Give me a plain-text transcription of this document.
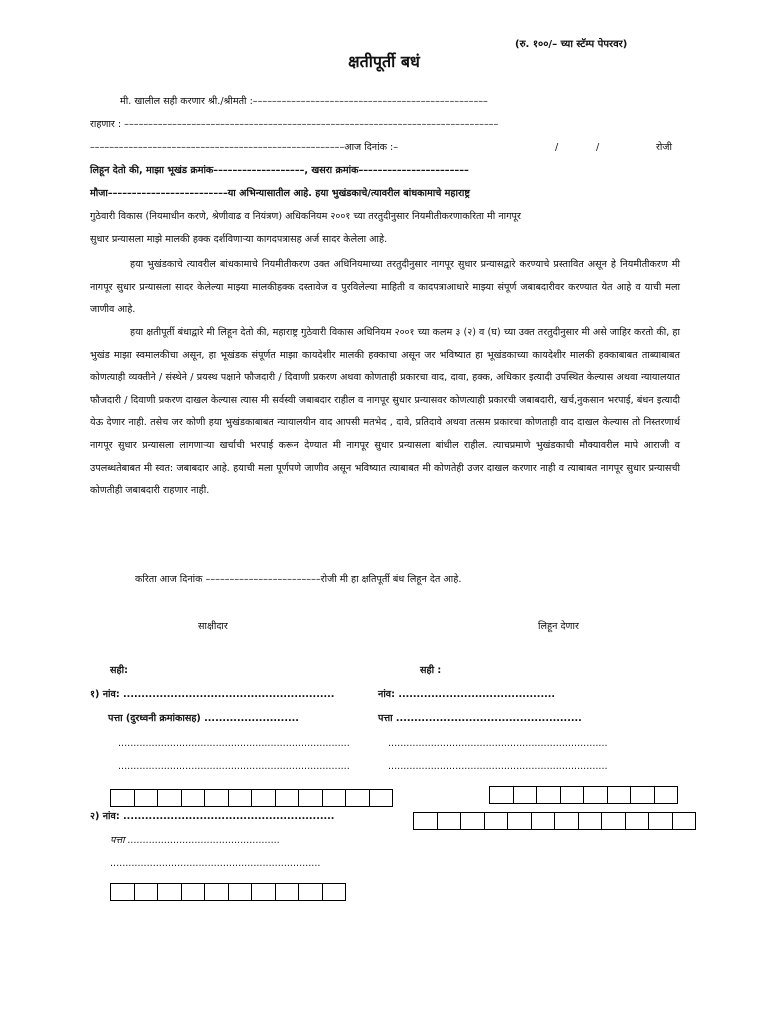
(रु. १००/– च्या स्टॅम्प पेपरवर)
क्षतीपूर्ती बधं
मी. खालील सही करणार श्री./श्रीमती :–––––––––––––––––––––––––––––––––––––––––––––––––
राहणार : ––––––––––––––––––––––––––––––––––––––––––––––––––––––––––––––––––––––––––––––
–––––––––––––––––––––––––––––––––––––––––––––––––––––आज दिनांक :–	/	/	रोजी
लिहून देतो की, माझा भूखंड क्रमांक–––––––––––––––––––, खसरा क्रमांक–––––––––––––––––––––––
मौजा–––––––––––––––––––––––––या अभिन्यासातील आहे. हया भुखंडकाचे/त्यावरील बांधकामाचे महाराष्ट्र
गुठेवारी विकास (नियमाधीन करणे, श्रेणीवाढ व नियंत्रण) अधिकनियम २००१ च्या तरतुदीनुसार नियमीतीकरणाकरिता मी नागपूर
सुधार प्रन्यासला माझे मालकी हक्क दर्शविणाऱ्या कागदपत्रासह अर्ज सादर केलेला आहे.
हया भुखंडकाचे त्यावरील बांधकामाचे नियमीतीकरण उक्त अधिनियमाच्या तरतुदीनुसार नागपूर सुधार प्रन्यासद्वारे करण्याचे प्रस्तावित असून हे नियमीतीकरण मी नागपूर सुधार प्रन्यासला सादर केलेल्या माझ्या मालकीहक्क दस्तावेज व पुरविलेल्या माहिती व कादपत्राआधारे माझ्या संपूर्ण जबाबदारीवर करण्यात येत आहे व याची मला जाणीव आहे.
हया क्षतीपूर्ती बंधाद्वारे मी लिहून देतो की, महाराष्ट्र गुठेवारी विकास अधिनियम २००१ च्या कलम ३ (२) व (घ) च्या उक्त तरतुदीनुसार मी असे जाहिर करतो की, हा भुखंड माझा स्वमालकीचा असून, हा भूखंडक संपूर्णत माझा कायदेशीर मालकी हक्काचा असून जर भविष्यात हा भूखंडकाच्या कायदेशीर मालकी हक्काबाबत ताब्याबाबत कोणत्याही व्यक्तीने / संस्थेने / प्रयस्थ पक्षाने फौजदारी / दिवाणी प्रकरण अथवा कोणताही प्रकारचा वाद, दावा, हक्क, अधिकार इत्यादी उपस्थित केल्यास अथवा न्यायालयात फौजदारी / दिवाणी प्रकरण दाखल केल्यास त्यास मी सर्वस्वी जबाबदार राहील व नागपूर सुधार प्रन्यासवर कोणत्याही प्रकारची जबाबदारी, खर्च,नुकसान भरपाई, बंधन इत्यादी येऊ देणार नाही. तसेच जर कोणी हया भुखंडकाबाबत न्यायालयीन वाद आपसी मतभेद , दावे, प्रतिदावे अथवा तत्सम प्रकारचा कोणताही वाद दाखल केल्यास तो निस्तरणार्थ नागपूर सुधार प्रन्यासला लागणाऱ्या खर्चाची भरपाई करून देण्यात मी नागपूर सुधार प्रन्यासला बांधील राहील. त्याचप्रमाणे भुखंडकाची मौक्यावरील मापे आराजी व उपलब्धतेबाबत मी स्वत: जबाबदार आहे. हयाची मला पूर्णपणे जाणीव असून भविष्यात त्याबाबत मी कोणतेही उजर दाखल करणार नाही व त्याबाबत नागपूर सुधार प्रन्यासची कोणतीही जबाबदारी राहणार नाही.
करिता आज दिनांक ––––––––––––––––––––––––रोजी मी हा क्षतिपूर्ती बंध लिहून देत आहे.
साक्षीदार	लिहून देणार
सही:	सही :
१) नांव: ..........................................................	नांव: ...........................................
पत्ता (दुरध्वनी क्रमांकासह) ..........................	पत्ता ...................................................
............................................................................	........................................................................
............................................................................	........................................................................
२) नांव: ..........................................................
पत्ता ..................................................
.....................................................................
